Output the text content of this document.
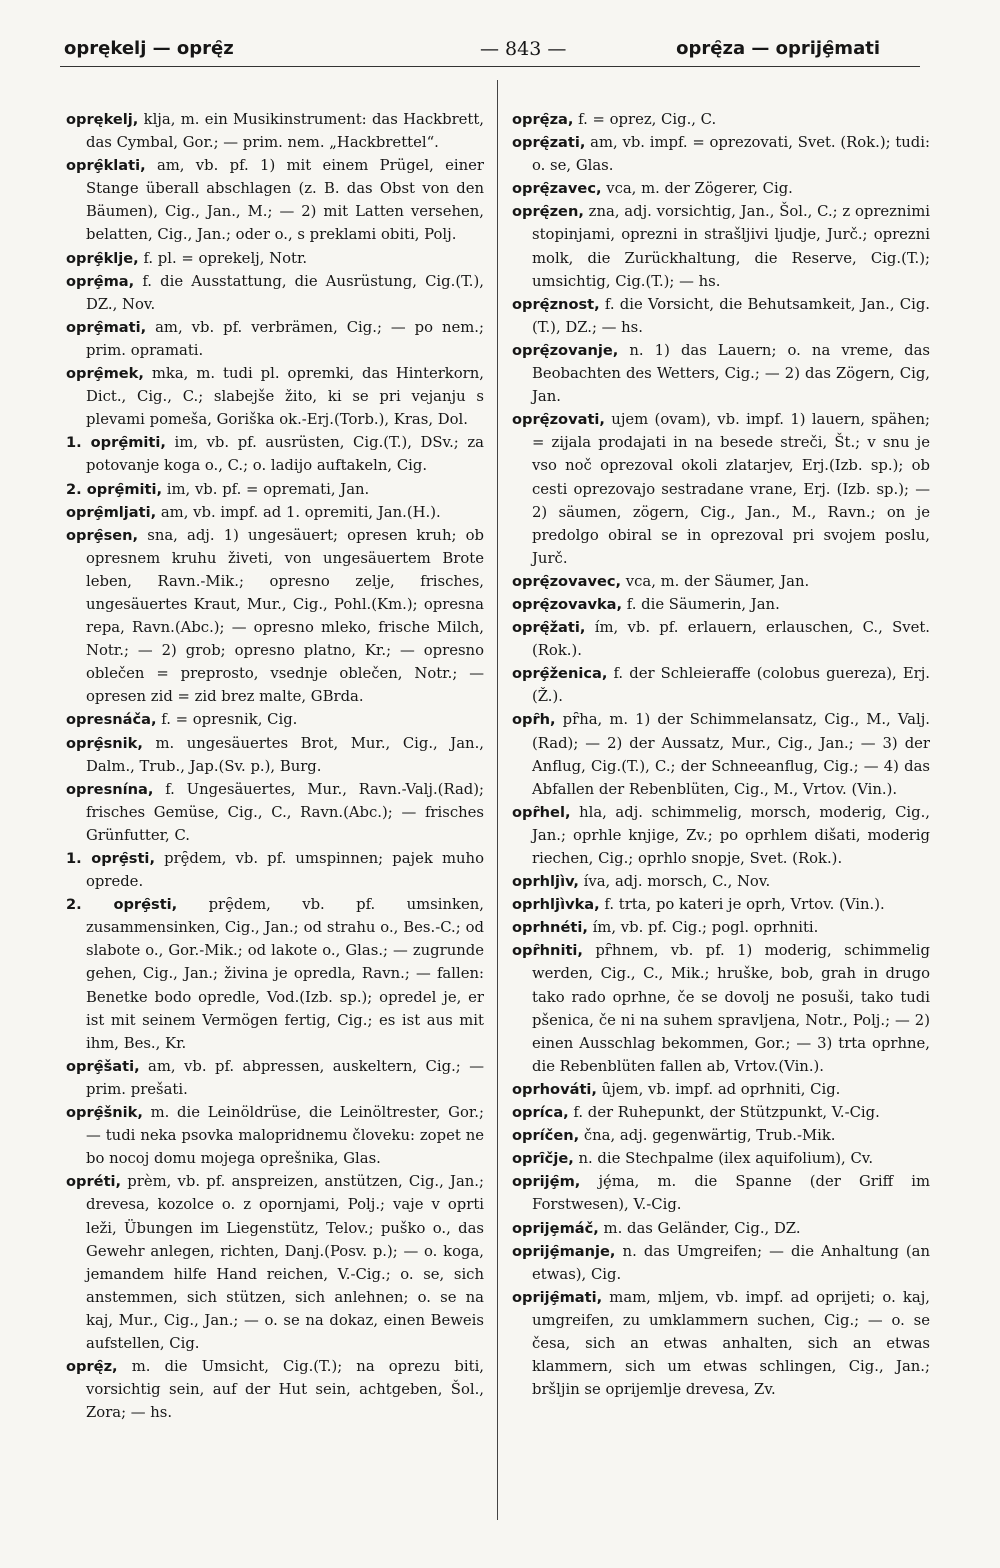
oprękelj — oprę̑z	— 843 —	oprę̑za — oprijȩ̑mati

oprękelj, klja, m. ein Musikinstrument: das Hackbrett, das Cymbal, Gor.; — prim. nem. „Hackbrettel“.

oprȩ̑klati, am, vb. pf. 1) mit einem Prügel, einer Stange überall abschlagen (z. B. das Obst von den Bäumen), Cig., Jan., M.; — 2) mit Latten versehen, belatten, Cig., Jan.; oder o., s preklami obiti, Polj.

oprȩ̑klje, f. pl. = oprekelj, Notr.

oprȩ̑ma, f. die Ausstattung, die Ausrüstung, Cig.(T.), DZ., Nov.

oprȩ̑mati, am, vb. pf. verbrämen, Cig.; — po nem.; prim. opramati.

oprȩ̑mek, mka, m. tudi pl. opremki, das Hinterkorn, Dict., Cig., C.; slabejše žito, ki se pri vejanju s plevami pomeša, Goriška ok.-Erj.(Torb.), Kras, Dol.

1. oprȩ̑miti, im, vb. pf. ausrüsten, Cig.(T.), DSv.; za potovanje koga o., C.; o. ladijo auftakeln, Cig.

2. oprȩ̑miti, im, vb. pf. = oprematі, Jan.

oprȩ̑mljati, am, vb. impf. ad 1. opremiti, Jan.(H.).

oprȩ̑sen, sna, adj. 1) ungesäuert; opresen kruh; ob opresnem kruhu živeti, von ungesäuertem Brote leben, Ravn.-Mik.; opresno zelje, frisches, ungesäuertes Kraut, Mur., Cig., Pohl.(Km.); opresna repa, Ravn.(Abc.); — opresno mleko, frische Milch, Notr.; — 2) grob; opresno platno, Kr.; — opresno oblečen = preprosto, vsednje oblečen, Notr.; — opresen zid = zid brez malte, GBrda.

opresnáča, f. = opresnik, Cig.

oprȩ̑snik, m. ungesäuertes Brot, Mur., Cig., Jan., Dalm., Trub., Jap.(Sv. p.), Burg.

opresnína, f. Ungesäuertes, Mur., Ravn.-Valj.(Rad); frisches Gemüse, Cig., C., Ravn.(Abc.); — frisches Grünfutter, C.

1. oprȩ̑sti, prȩ̑dem, vb. pf. umspinnen; pajek muho oprede.

2. oprȩ̑sti, prȩ̑dem, vb. pf. umsinken, zusammensinken, Cig., Jan.; od strahu o., Bes.-C.; od slabote o., Gor.-Mik.; od lakote o., Glas.; — zugrunde gehen, Cig., Jan.; živina je opredla, Ravn.; — fallen: Benetke bodo opredle, Vod.(Izb. sp.); opredel je, er ist mit seinem Vermögen fertig, Cig.; es ist aus mit ihm, Bes., Kr.

oprȩ̑šati, am, vb. pf. abpressen, auskeltern, Cig.; — prim. prešati.

oprȩ̑šnik, m. die Leinöldrüse, die Leinöltrester, Gor.; — tudi neka psovka malopridnemu človeku: zopet ne bo nocoj domu mojega oprešnika, Glas.

opréti, prèm, vb. pf. anspreizen, anstützen, Cig., Jan.; drevesa, kozolce o. z opornjami, Polj.; vaje v oprti leži, Übungen im Liegenstütz, Telov.; puško o., das Gewehr anlegen, richten, Danj.(Posv. p.); — o. koga, jemandem hilfe Hand reichen, V.-Cig.; o. se, sich anstemmen, sich stützen, sich anlehnen; o. se na kaj, Mur., Cig., Jan.; — o. se na dokaz, einen Beweis aufstellen, Cig.

oprę̑z, m. die Umsicht, Cig.(T.); na oprezu biti, vorsichtig sein, auf der Hut sein, achtgeben, Šol., Zora; — hs.

oprę̑za, f. = oprez, Cig., C.

oprę̑zati, am, vb. impf. = oprezovati, Svet. (Rok.); tudi: o. se, Glas.

oprę̑zavec, vca, m. der Zögerer, Cig.

oprę̑zen, zna, adj. vorsichtig, Jan., Šol., C.; z opreznimi stopinjami, oprezni in strašljivi ljudje, Jurč.; oprezni molk, die Zurückhaltung, die Reserve, Cig.(T.); umsichtig, Cig.(T.); — hs.

oprę̑znost, f. die Vorsicht, die Behutsamkeit, Jan., Cig.(T.), DZ.; — hs.

oprę̑zovanje, n. 1) das Lauern; o. na vreme, das Beobachten des Wetters, Cig.; — 2) das Zögern, Cig, Jan.

oprę̑zovati, ujem (ovam), vb. impf. 1) lauern, spähen; = zijala prodajati in na besede streči, Št.; v snu je vso noč oprezoval okoli zlatarjev, Erj.(Izb. sp.); ob cesti oprezovajo sestradane vrane, Erj. (Izb. sp.); — 2) säumen, zögern, Cig., Jan., M., Ravn.; on je predolgo obiral se in oprezoval pri svojem poslu, Jurč.

oprę̑zovavec, vca, m. der Säumer, Jan.

oprę̑zovavka, f. die Säumerin, Jan.

oprę̑žati, ím, vb. pf. erlauern, erlauschen, C., Svet. (Rok.).

oprȩ̑ženica, f. der Schleieraffe (colobus guereza), Erj.(Ž.).

opȓh, pȓha, m. 1) der Schimmelansatz, Cig., M., Valj.(Rad); — 2) der Aussatz, Mur., Cig., Jan.; — 3) der Anflug, Cig.(T.), C.; der Schneeanflug, Cig.; — 4) das Abfallen der Rebenblüten, Cig., M., Vrtov. (Vin.).

opȓhel, hla, adj. schimmelig, morsch, moderig, Cig., Jan.; oprhle knjige, Zv.; po oprhlem dišati, moderig riechen, Cig.; oprhlo snopje, Svet. (Rok.).

oprhljìv, íva, adj. morsch, C., Nov.

oprhljìvka, f. trta, po kateri je oprh, Vrtov. (Vin.).

oprhnéti, ím, vb. pf. Cig.; pogl. oprhniti.

opȓhniti, pȓhnem, vb. pf. 1) moderig, schimmelig werden, Cig., C., Mik.; hruške, bob, grah in drugo tako rado oprhne, če se dovolj ne posuši, tako tudi pšenica, če ni na suhem spravljena, Notr., Polj.; — 2) einen Ausschlag bekommen, Gor.; — 3) trta oprhne, die Rebenblüten fallen ab, Vrtov.(Vin.).

oprhováti, ȗjem, vb. impf. ad oprhniti, Cig.

opríca, f. der Ruhepunkt, der Stützpunkt, V.-Cig.

opríčen, čna, adj. gegenwärtig, Trub.-Mik.

oprȋčje, n. die Stechpalme (ilex aquifolium), Cv.

oprijȩ̑m, jȩ́ma, m. die Spanne (der Griff im Forstwesen), V.-Cig.

oprijȩmáč, m. das Geländer, Cig., DZ.

oprijȩ̑manje, n. das Umgreifen; — die Anhaltung (an etwas), Cig.

oprijȩ̑mati, mam, mljem, vb. impf. ad oprijeti; o. kaj, umgreifen, zu umklammern suchen, Cig.; — o. se česa, sich an etwas anhalten, sich an etwas klammern, sich um etwas schlingen, Cig., Jan.; bršljin se oprijemlje drevesa, Zv.
